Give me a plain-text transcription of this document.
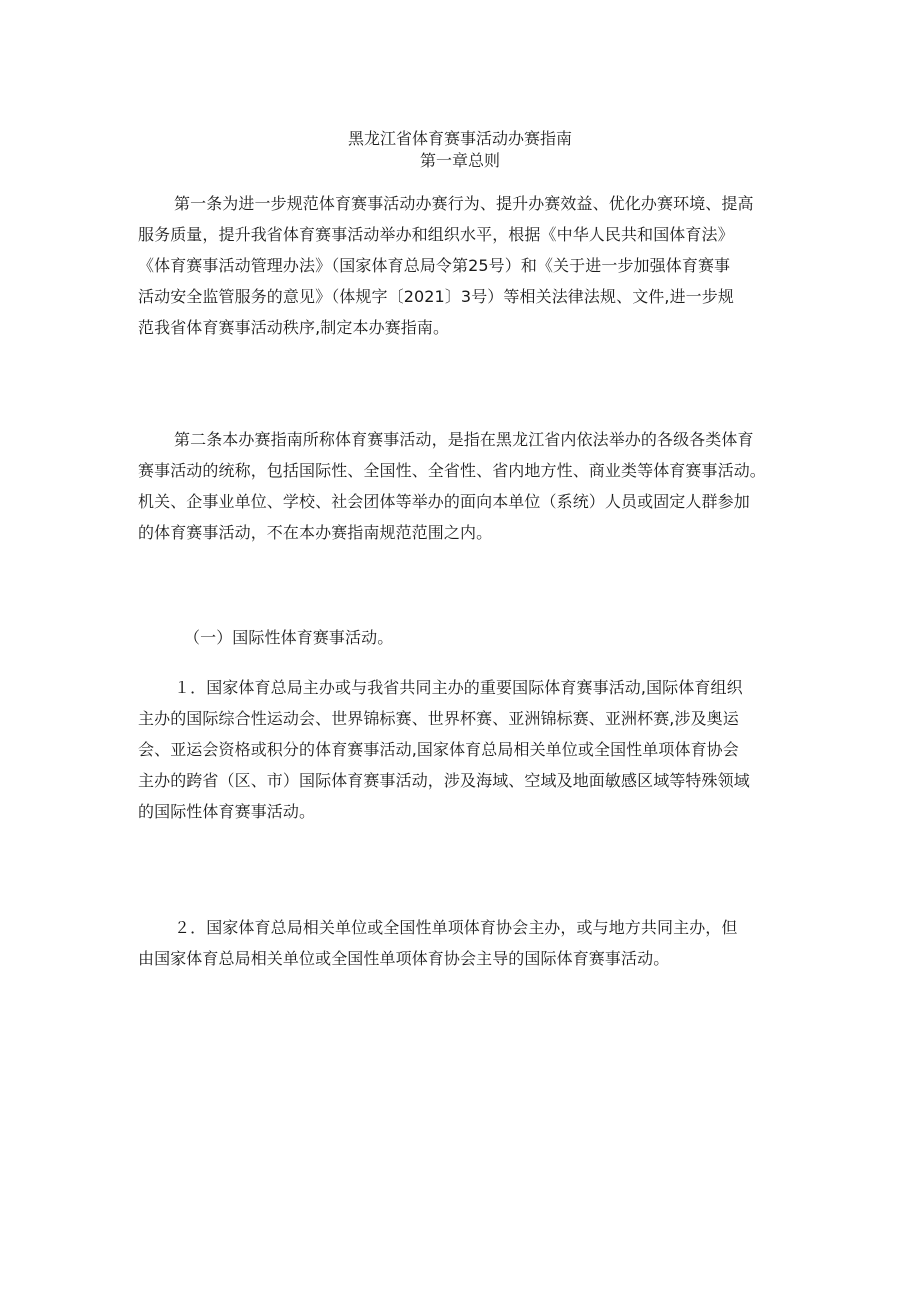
黑龙江省体育赛事活动办赛指南
第一章总则
第一条为进一步规范体育赛事活动办赛行为、提升办赛效益、优化办赛环境、提高
服务质量，提升我省体育赛事活动举办和组织水平，根据《中华人民共和国体育法》
《体育赛事活动管理办法》（国家体育总局令第25号）和《关于进一步加强体育赛事
活动安全监管服务的意见》（体规字〔2021〕3号）等相关法律法规、文件,进一步规
范我省体育赛事活动秩序,制定本办赛指南。
第二条本办赛指南所称体育赛事活动，是指在黑龙江省内依法举办的各级各类体育
赛事活动的统称，包括国际性、全国性、全省性、省内地方性、商业类等体育赛事活动。
机关、企事业单位、学校、社会团体等举办的面向本单位（系统）人员或固定人群参加
的体育赛事活动，不在本办赛指南规范范围之内。
（一）国际性体育赛事活动。
１．国家体育总局主办或与我省共同主办的重要国际体育赛事活动,国际体育组织
主办的国际综合性运动会、世界锦标赛、世界杯赛、亚洲锦标赛、亚洲杯赛,涉及奥运
会、亚运会资格或积分的体育赛事活动,国家体育总局相关单位或全国性单项体育协会
主办的跨省（区、市）国际体育赛事活动，涉及海域、空域及地面敏感区域等特殊领域
的国际性体育赛事活动。
２．国家体育总局相关单位或全国性单项体育协会主办，或与地方共同主办，但
由国家体育总局相关单位或全国性单项体育协会主导的国际体育赛事活动。
